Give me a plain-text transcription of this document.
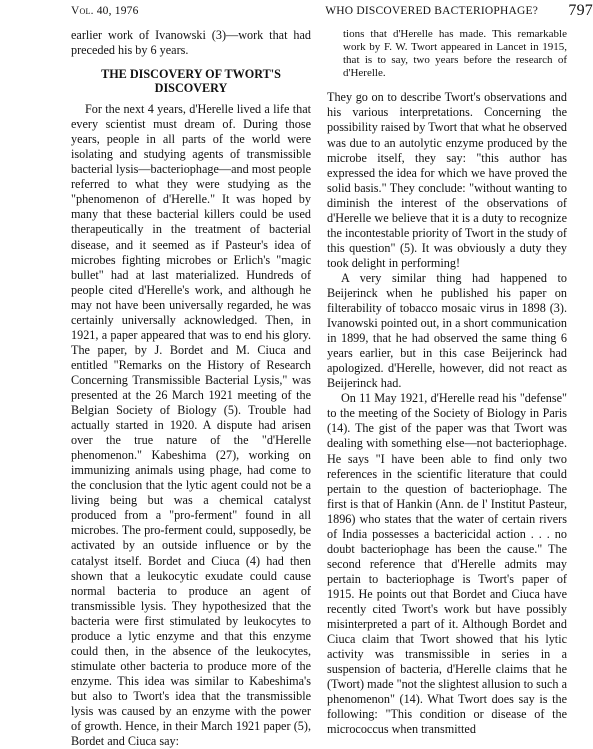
Vol. 40, 1976	WHO DISCOVERED BACTERIOPHAGE? 797

earlier work of Ivanowski (3)—work that had preceded his by 6 years.

THE DISCOVERY OF TWORT'S DISCOVERY

For the next 4 years, d'Herelle lived a life that every scientist must dream of. During those years, people in all parts of the world were isolating and studying agents of transmissible bacterial lysis—bacteriophage—and most people referred to what they were studying as the "phenomenon of d'Herelle." It was hoped by many that these bacterial killers could be used therapeutically in the treatment of bacterial disease, and it seemed as if Pasteur's idea of microbes fighting microbes or Erlich's "magic bullet" had at last materialized. Hundreds of people cited d'Herelle's work, and although he may not have been universally regarded, he was certainly universally acknowledged. Then, in 1921, a paper appeared that was to end his glory. The paper, by J. Bordet and M. Ciuca and entitled "Remarks on the History of Research Concerning Transmissible Bacterial Lysis," was presented at the 26 March 1921 meeting of the Belgian Society of Biology (5). Trouble had actually started in 1920. A dispute had arisen over the true nature of the "d'Herelle phenomenon." Kabeshima (27), working on immunizing animals using phage, had come to the conclusion that the lytic agent could not be a living being but was a chemical catalyst produced from a "pro-ferment" found in all microbes. The pro-ferment could, supposedly, be activated by an outside influence or by the catalyst itself. Bordet and Ciuca (4) had then shown that a leukocytic exudate could cause normal bacteria to produce an agent of transmissible lysis. They hypothesized that the bacteria were first stimulated by leukocytes to produce a lytic enzyme and that this enzyme could then, in the absence of the leukocytes, stimulate other bacteria to produce more of the enzyme. This idea was similar to Kabeshima's but also to Twort's idea that the transmissible lysis was caused by an enzyme with the power of growth. Hence, in their March 1921 paper (5), Bordet and Ciuca say:

tions that d'Herelle has made. This remarkable work by F. W. Twort appeared in Lancet in 1915, that is to say, two years before the research of d'Herelle.

They go on to describe Twort's observations and his various interpretations. Concerning the possibility raised by Twort that what he observed was due to an autolytic enzyme produced by the microbe itself, they say: "this author has expressed the idea for which we have proved the solid basis." They conclude: "without wanting to diminish the interest of the observations of d'Herelle we believe that it is a duty to recognize the incontestable priority of Twort in the study of this question" (5). It was obviously a duty they took delight in performing!

A very similar thing had happened to Beijerinck when he published his paper on filterability of tobacco mosaic virus in 1898 (3). Ivanowski pointed out, in a short communication in 1899, that he had observed the same thing 6 years earlier, but in this case Beijerinck had apologized. d'Herelle, however, did not react as Beijerinck had.

On 11 May 1921, d'Herelle read his "defense" to the meeting of the Society of Biology in Paris (14). The gist of the paper was that Twort was dealing with something else—not bacteriophage. He says "I have been able to find only two references in the scientific literature that could pertain to the question of bacteriophage. The first is that of Hankin (Ann. de l' Institut Pasteur, 1896) who states that the water of certain rivers of India possesses a bactericidal action . . . no doubt bacteriophage has been the cause." The second reference that d'Herelle admits may pertain to bacteriophage is Twort's paper of 1915. He points out that Bordet and Ciuca have recently cited Twort's work but have possibly misinterpreted a part of it. Although Bordet and Ciuca claim that Twort showed that his lytic activity was transmissible in series in a suspension of bacteria, d'Herelle claims that he (Twort) made "not the slightest allusion to such a phenomenon" (14). What Twort does say is the following: "This condition or disease of the micrococcus when transmitted
